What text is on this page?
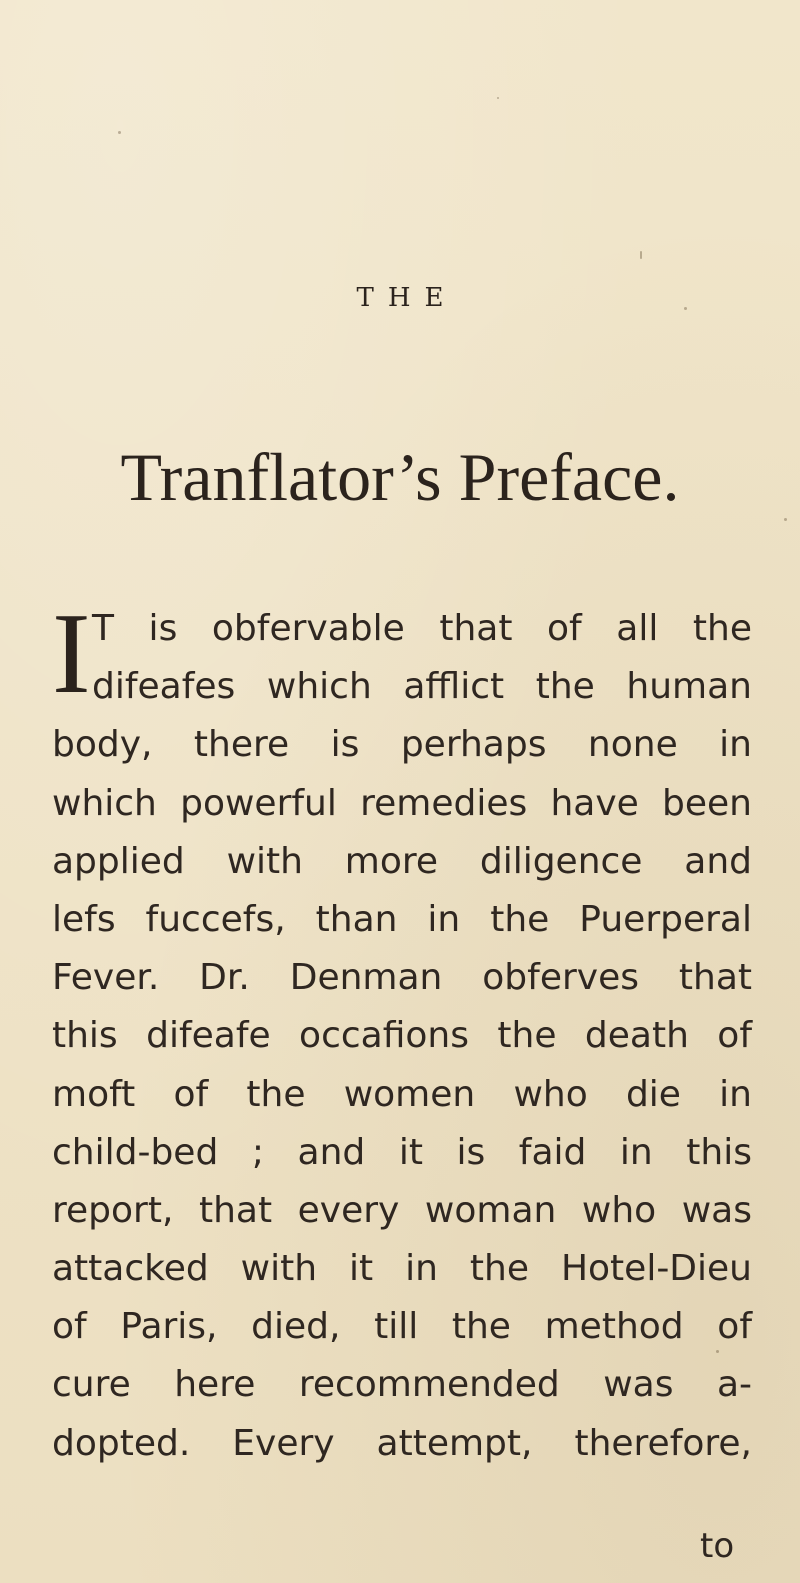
THE
Tranflator’s Preface.
I T is obfervable that of all the
difeafes which afflict the human
body, there is perhaps none in
which powerful remedies have been
applied with more diligence and
lefs fuccefs, than in the Puerperal
Fever. Dr. Denman obferves that
this difeafe occafions the death of
moft of the women who die in
child-bed ; and it is faid in this
report, that every woman who was
attacked with it in the Hotel-Dieu
of Paris, died, till the method of
cure here recommended was a-
dopted. Every attempt, therefore,
to
